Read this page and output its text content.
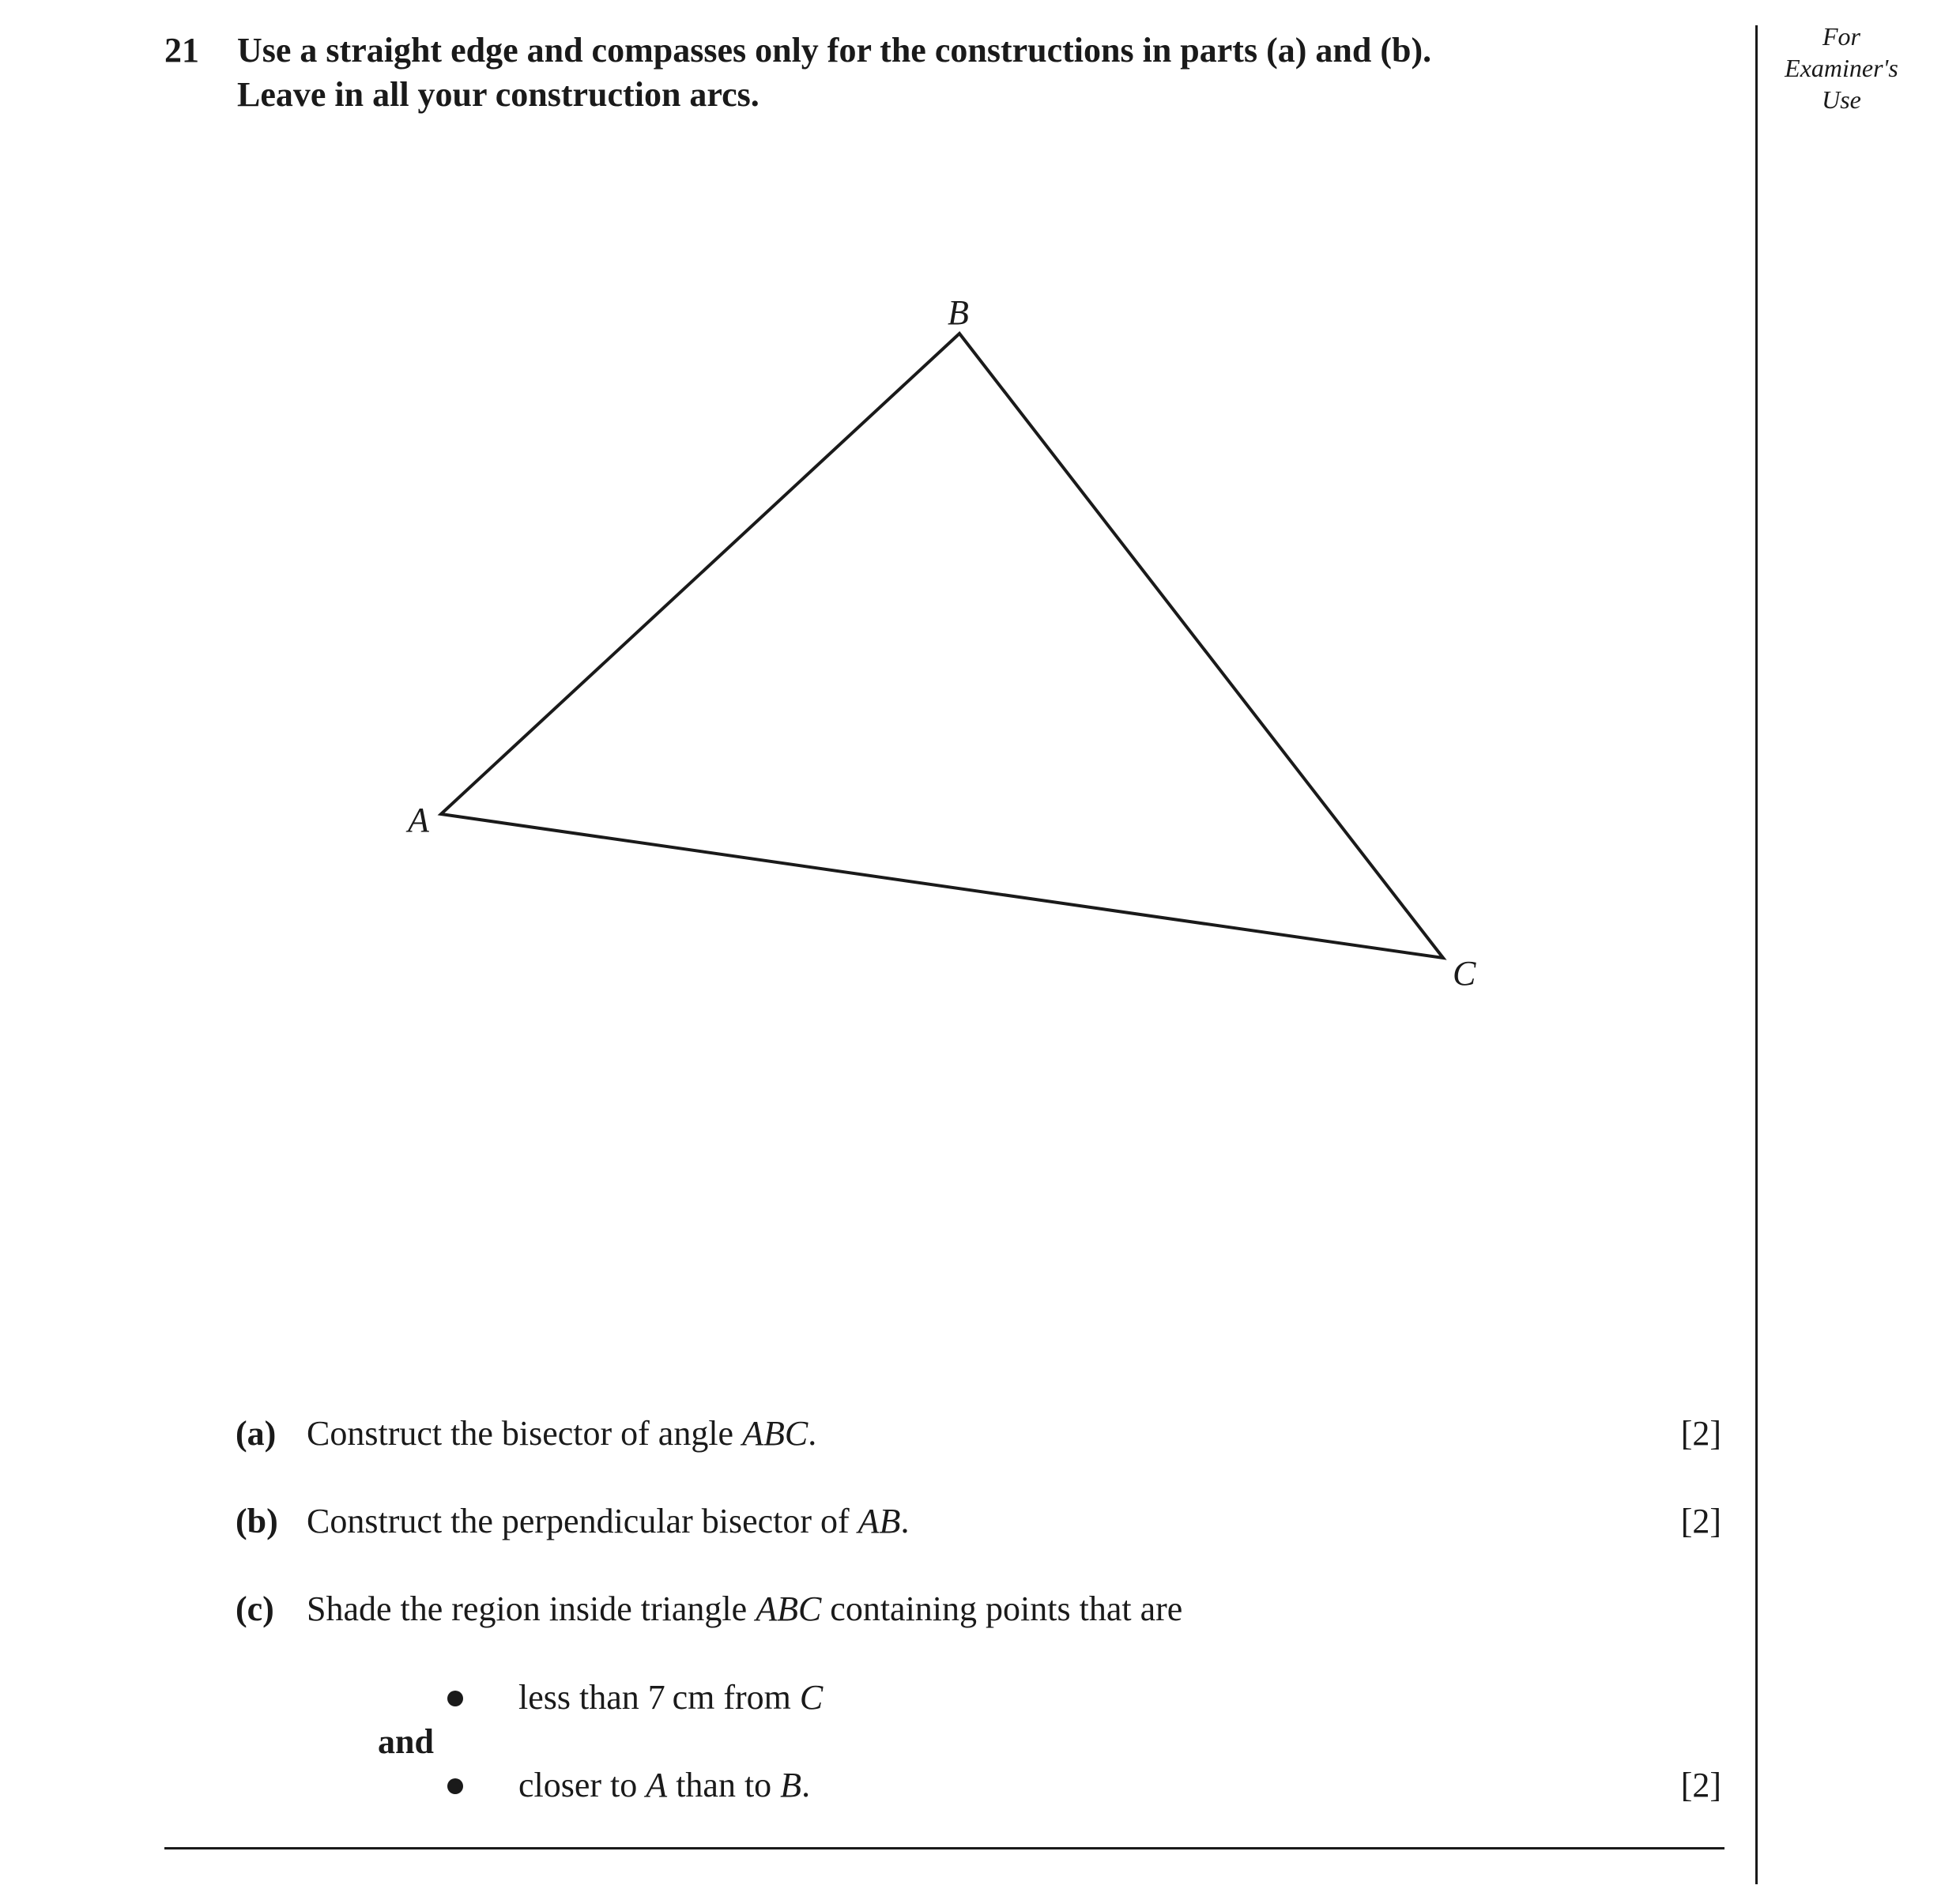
21 Use a straight edge and compasses only for the constructions in parts (a) and (b).
Leave in all your construction arcs.
For
Examiner's
Use
B
A
C
(a) Construct the bisector of angle ABC.	[2]
(b) Construct the perpendicular bisector of AB.	[2]
(c) Shade the region inside triangle ABC containing points that are
less than 7 cm from C
and
closer to A than to B.	[2]
